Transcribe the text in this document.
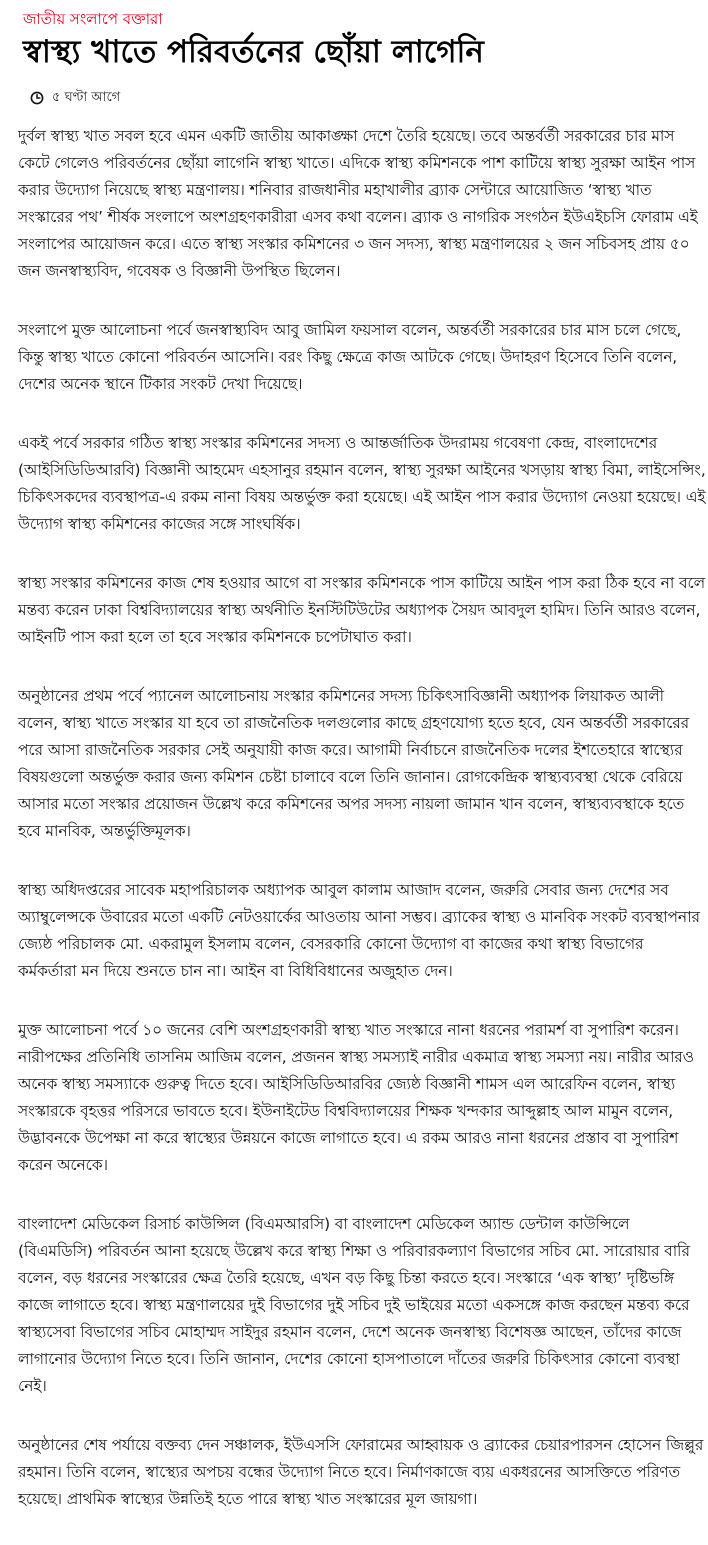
জাতীয় সংলাপে বক্তারা
স্বাস্থ্য খাতে পরিবর্তনের ছোঁয়া লাগেনি
৫ ঘণ্টা আগে

দুর্বল স্বাস্থ্য খাত সবল হবে এমন একটি জাতীয় আকাঙ্ক্ষা দেশে তৈরি হয়েছে। তবে অন্তর্বর্তী সরকারের চার মাস কেটে গেলেও পরিবর্তনের ছোঁয়া লাগেনি স্বাস্থ্য খাতে। এদিকে স্বাস্থ্য কমিশনকে পাশ কাটিয়ে স্বাস্থ্য সুরক্ষা আইন পাস করার উদ্যোগ নিয়েছে স্বাস্থ্য মন্ত্রণালয়। শনিবার রাজধানীর মহাখালীর ব্র্যাক সেন্টারে আয়োজিত ‘স্বাস্থ্য খাত সংস্কারের পথ’ শীর্ষক সংলাপে অংশগ্রহণকারীরা এসব কথা বলেন। ব্র্যাক ও নাগরিক সংগঠন ইউএইচসি ফোরাম এই সংলাপের আয়োজন করে। এতে স্বাস্থ্য সংস্কার কমিশনের ৩ জন সদস্য, স্বাস্থ্য মন্ত্রণালয়ের ২ জন সচিবসহ প্রায় ৫০ জন জনস্বাস্থ্যবিদ, গবেষক ও বিজ্ঞানী উপস্থিত ছিলেন।

সংলাপে মুক্ত আলোচনা পর্বে জনস্বাস্থ্যবিদ আবু জামিল ফয়সাল বলেন, অন্তর্বর্তী সরকারের চার মাস চলে গেছে, কিন্তু স্বাস্থ্য খাতে কোনো পরিবর্তন আসেনি। বরং কিছু ক্ষেত্রে কাজ আটকে গেছে। উদাহরণ হিসেবে তিনি বলেন, দেশের অনেক স্থানে টিকার সংকট দেখা দিয়েছে।

একই পর্বে সরকার গঠিত স্বাস্থ্য সংস্কার কমিশনের সদস্য ও আন্তর্জাতিক উদরাময় গবেষণা কেন্দ্র, বাংলাদেশের (আইসিডিডিআরবি) বিজ্ঞানী আহমেদ এহসানুর রহমান বলেন, স্বাস্থ্য সুরক্ষা আইনের খসড়ায় স্বাস্থ্য বিমা, লাইসেন্সিং, চিকিৎসকদের ব্যবস্থাপত্র-এ রকম নানা বিষয় অন্তর্ভুক্ত করা হয়েছে। এই আইন পাস করার উদ্যোগ নেওয়া হয়েছে। এই উদ্যোগ স্বাস্থ্য কমিশনের কাজের সঙ্গে সাংঘর্ষিক।

স্বাস্থ্য সংস্কার কমিশনের কাজ শেষ হওয়ার আগে বা সংস্কার কমিশনকে পাস কাটিয়ে আইন পাস করা ঠিক হবে না বলে মন্তব্য করেন ঢাকা বিশ্ববিদ্যালয়ের স্বাস্থ্য অর্থনীতি ইনস্টিটিউটের অধ্যাপক সৈয়দ আবদুল হামিদ। তিনি আরও বলেন, আইনটি পাস করা হলে তা হবে সংস্কার কমিশনকে চপেটাঘাত করা।

অনুষ্ঠানের প্রথম পর্বে প্যানেল আলোচনায় সংস্কার কমিশনের সদস্য চিকিৎসাবিজ্ঞানী অধ্যাপক লিয়াকত আলী বলেন, স্বাস্থ্য খাতে সংস্কার যা হবে তা রাজনৈতিক দলগুলোর কাছে গ্রহণযোগ্য হতে হবে, যেন অন্তর্বর্তী সরকারের পরে আসা রাজনৈতিক সরকার সেই অনুযায়ী কাজ করে। আগামী নির্বাচনে রাজনৈতিক দলের ইশতেহারে স্বাস্থ্যের বিষয়গুলো অন্তর্ভুক্ত করার জন্য কমিশন চেষ্টা চালাবে বলে তিনি জানান। রোগকেন্দ্রিক স্বাস্থ্যব্যবস্থা থেকে বেরিয়ে আসার মতো সংস্কার প্রয়োজন উল্লেখ করে কমিশনের অপর সদস্য নায়লা জামান খান বলেন, স্বাস্থ্যব্যবস্থাকে হতে হবে মানবিক, অন্তর্ভুক্তিমূলক।

স্বাস্থ্য অধিদপ্তরের সাবেক মহাপরিচালক অধ্যাপক আবুল কালাম আজাদ বলেন, জরুরি সেবার জন্য দেশের সব অ্যাম্বুলেন্সকে উবারের মতো একটি নেটওয়ার্কের আওতায় আনা সম্ভব। ব্র্যাকের স্বাস্থ্য ও মানবিক সংকট ব্যবস্থাপনার জ্যেষ্ঠ পরিচালক মো. একরামুল ইসলাম বলেন, বেসরকারি কোনো উদ্যোগ বা কাজের কথা স্বাস্থ্য বিভাগের কর্মকর্তারা মন দিয়ে শুনতে চান না। আইন বা বিধিবিধানের অজুহাত দেন।

মুক্ত আলোচনা পর্বে ১০ জনের বেশি অংশগ্রহণকারী স্বাস্থ্য খাত সংস্কারে নানা ধরনের পরামর্শ বা সুপারিশ করেন। নারীপক্ষের প্রতিনিধি তাসনিম আজিম বলেন, প্রজনন স্বাস্থ্য সমস্যাই নারীর একমাত্র স্বাস্থ্য সমস্যা নয়। নারীর আরও অনেক স্বাস্থ্য সমস্যাকে গুরুত্ব দিতে হবে। আইসিডিডিআরবির জ্যেষ্ঠ বিজ্ঞানী শামস এল আরেফিন বলেন, স্বাস্থ্য সংস্কারকে বৃহত্তর পরিসরে ভাবতে হবে। ইউনাইটেড বিশ্ববিদ্যালয়ের শিক্ষক খন্দকার আব্দুল্লাহ আল মামুন বলেন, উদ্ভাবনকে উপেক্ষা না করে স্বাস্থ্যের উন্নয়নে কাজে লাগাতে হবে। এ রকম আরও নানা ধরনের প্রস্তাব বা সুপারিশ করেন অনেকে।

বাংলাদেশ মেডিকেল রিসার্চ কাউন্সিল (বিএমআরসি) বা বাংলাদেশ মেডিকেল অ্যান্ড ডেন্টাল কাউন্সিলে (বিএমডিসি) পরিবর্তন আনা হয়েছে উল্লেখ করে স্বাস্থ্য শিক্ষা ও পরিবারকল্যাণ বিভাগের সচিব মো. সারোয়ার বারি বলেন, বড় ধরনের সংস্কারের ক্ষেত্র তৈরি হয়েছে, এখন বড় কিছু চিন্তা করতে হবে। সংস্কারে ‘এক স্বাস্থ্য’ দৃষ্টিভঙ্গি কাজে লাগাতে হবে। স্বাস্থ্য মন্ত্রণালয়ের দুই বিভাগের দুই সচিব দুই ভাইয়ের মতো একসঙ্গে কাজ করছেন মন্তব্য করে স্বাস্থ্যসেবা বিভাগের সচিব মোহাম্মদ সাইদুর রহমান বলেন, দেশে অনেক জনস্বাস্থ্য বিশেষজ্ঞ আছেন, তাঁদের কাজে লাগানোর উদ্যোগ নিতে হবে। তিনি জানান, দেশের কোনো হাসপাতালে দাঁতের জরুরি চিকিৎসার কোনো ব্যবস্থা নেই।

অনুষ্ঠানের শেষ পর্যায়ে বক্তব্য দেন সঞ্চালক, ইউএসসি ফোরামের আহ্বায়ক ও ব্র্যাকের চেয়ারপারসন হোসেন জিল্লুর রহমান। তিনি বলেন, স্বাস্থ্যের অপচয় বন্ধের উদ্যোগ নিতে হবে। নির্মাণকাজে ব্যয় একধরনের আসক্তিতে পরিণত হয়েছে। প্রাথমিক স্বাস্থ্যের উন্নতিই হতে পারে স্বাস্থ্য খাত সংস্কারের মূল জায়গা।
